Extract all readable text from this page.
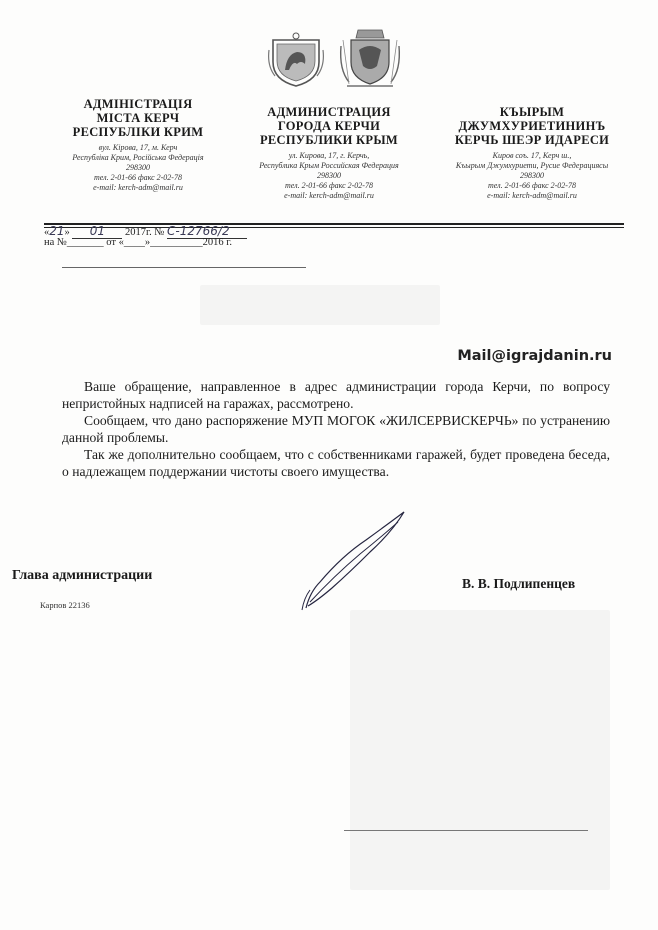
АДМІНІСТРАЦІЯ
МІСТА КЕРЧ
РЕСПУБЛІКИ КРИМ
вул. Кірова, 17, м. Керч
Республіка Крим, Російська Федерація
298300
тел. 2-01-66 факс 2-02-78
e-mail: kerch-adm@mail.ru
АДМИНИСТРАЦИЯ
ГОРОДА КЕРЧИ
РЕСПУБЛИКИ КРЫМ
ул. Кирова, 17, г. Керчь,
Республика Крым Российская Федерация
298300
тел. 2-01-66 факс 2-02-78
e-mail: kerch-adm@mail.ru
КЪЫРЫМ
ДЖУМХУРИЕТИНИНЪ
КЕРЧЬ ШЕЭР ИДАРЕСИ
Киров соъ. 17, Керч ш.,
Къырым Джумхуриети, Русие Федерациясы
298300
тел. 2-01-66 факс 2-02-78
e-mail: kerch-adm@mail.ru
«21» 01 2017г. № С-12766/2
на №_______ от «____»__________2016 г.
Mail@igrajdanin.ru

Ваше обращение, направленное в адрес администрации города Керчи, по вопросу непристойных надписей на гаражах, рассмотрено.

Сообщаем, что дано распоряжение МУП МОГОК «ЖИЛСЕРВИСКЕРЧЬ» по устранению данной проблемы.

Так же дополнительно сообщаем, что с собственниками гаражей, будет проведена беседа, о надлежащем поддержании чистоты своего имущества.

Глава администрации
В. В. Подлипенцев
Карпов 22136
